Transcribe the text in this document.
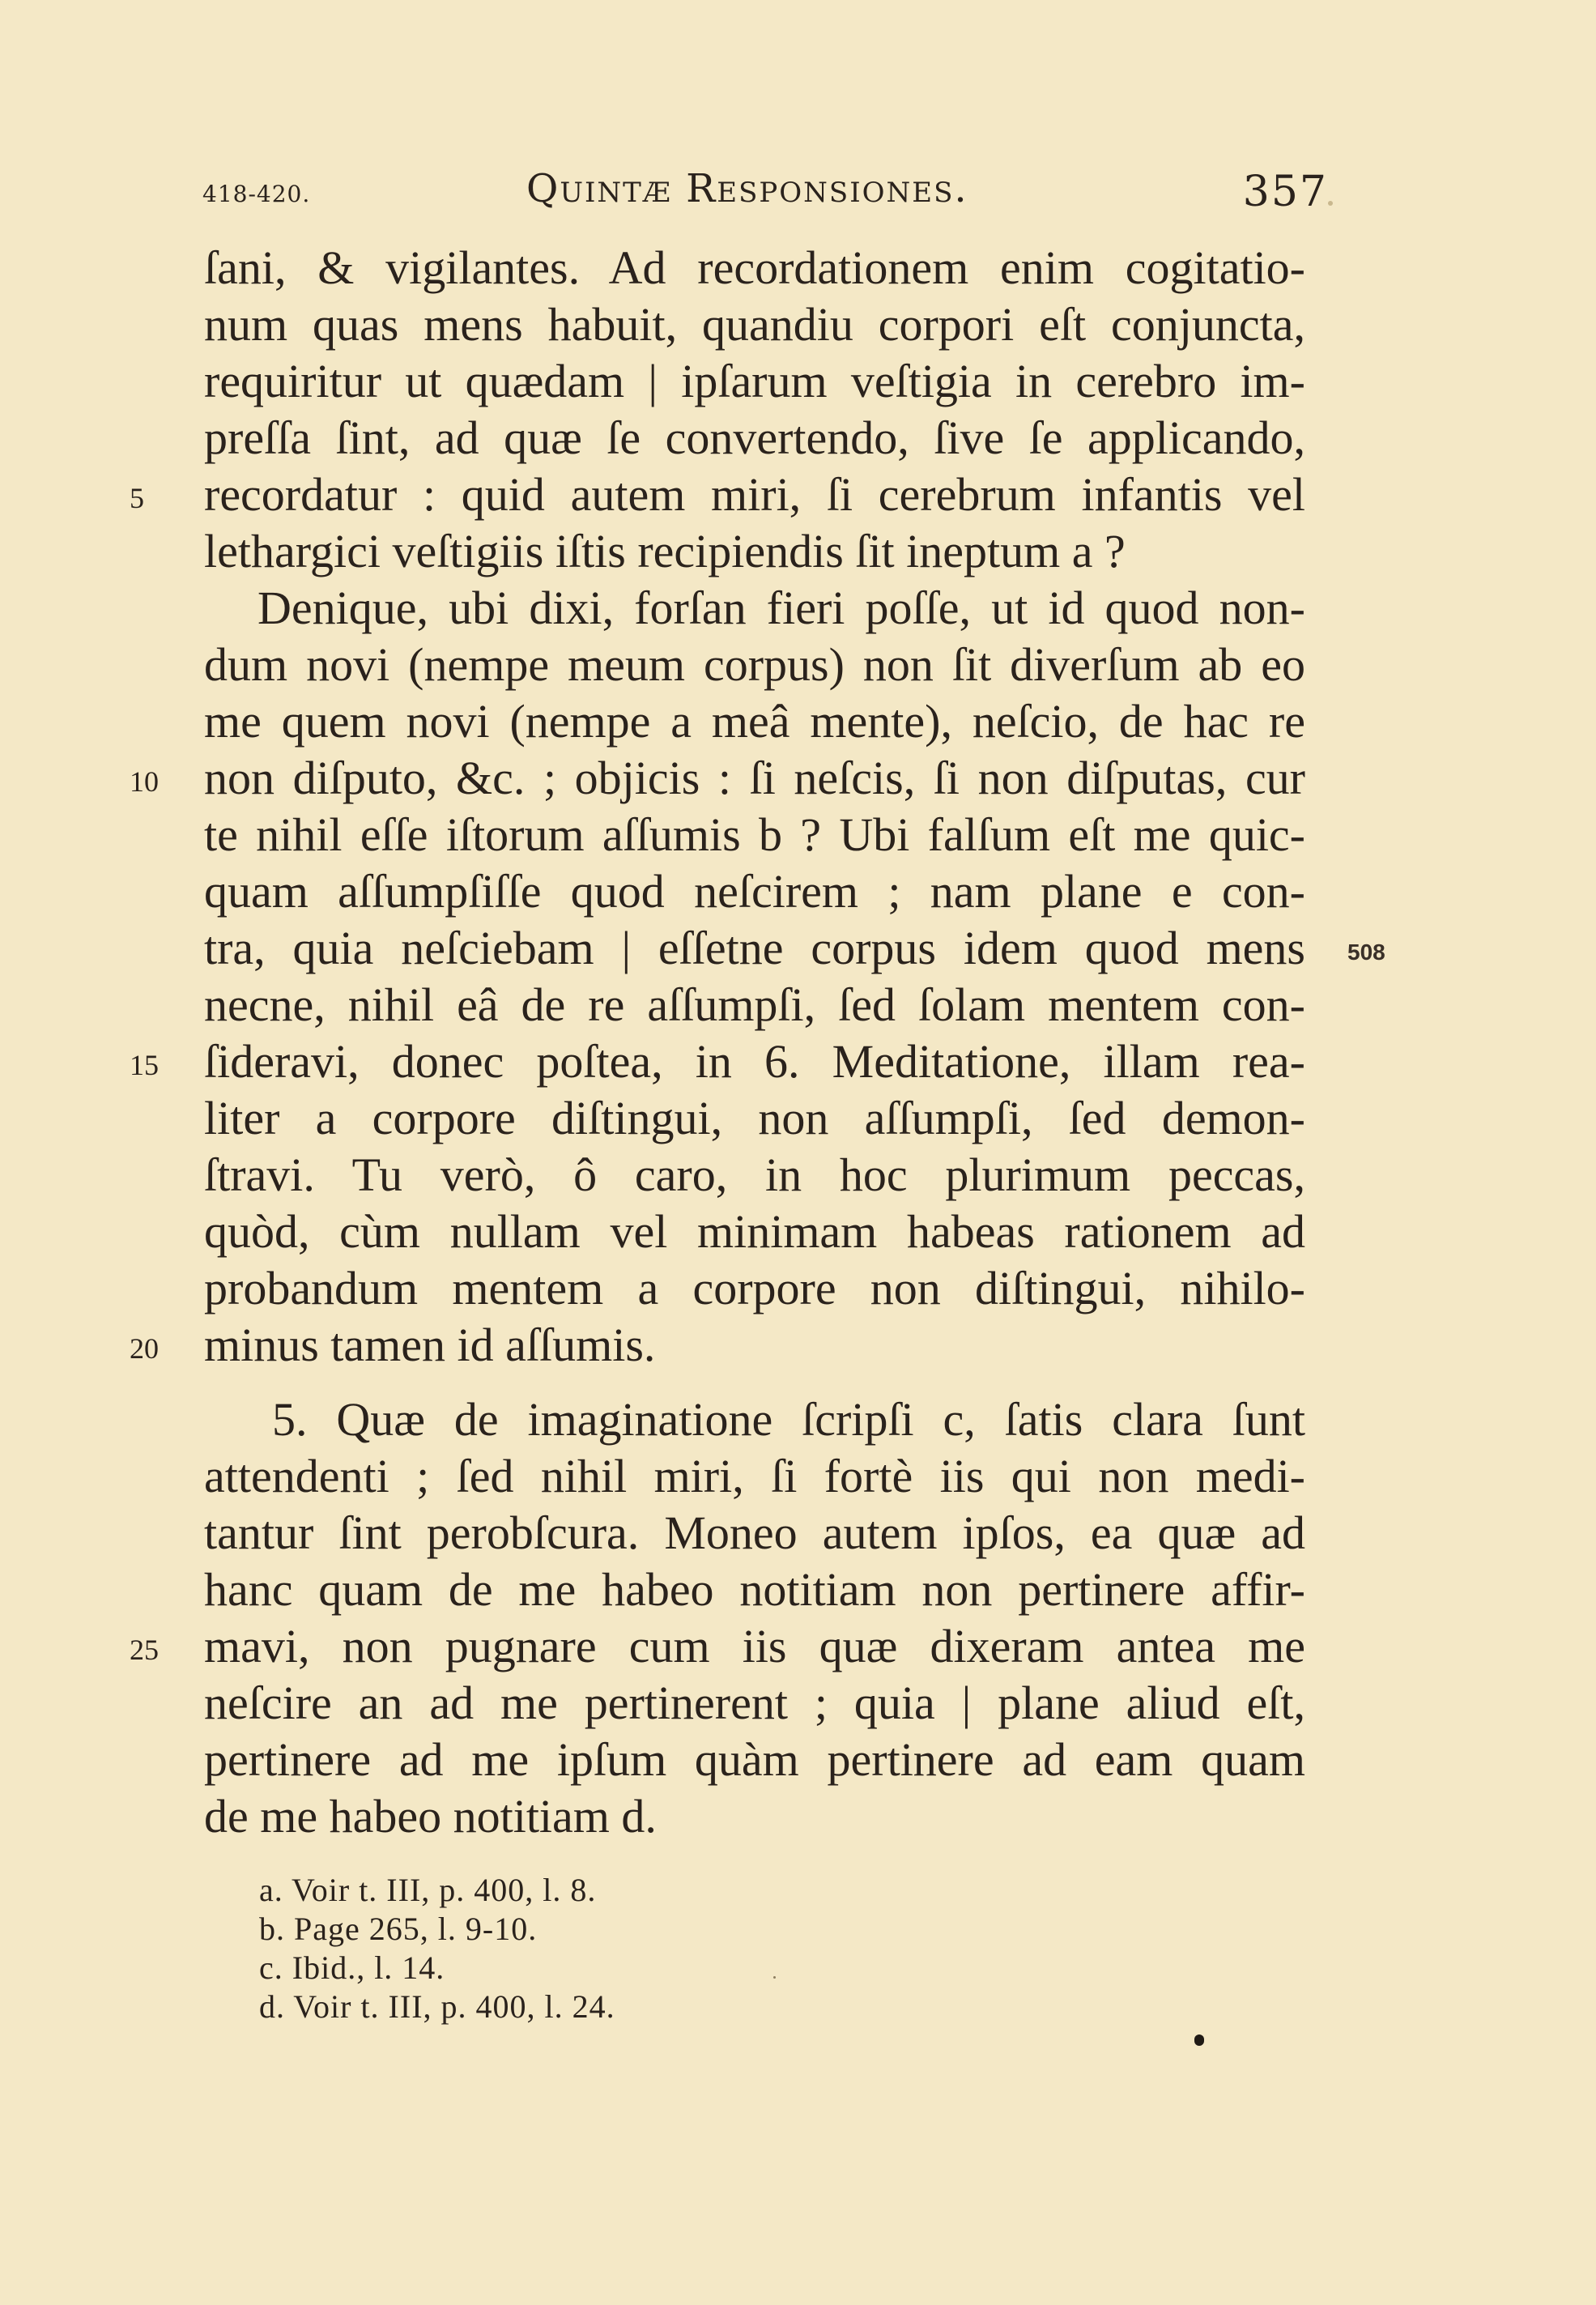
418-420.	Quintæ Responsiones.	357
ſani, & vigilantes. Ad recordationem enim cogitatio-
num quas mens habuit, quandiu corpori eſt conjuncta,
requiritur ut quædam | ipſarum veſtigia in cerebro im-
preſſa ſint, ad quæ ſe convertendo, ſive ſe applicando,
recordatur : quid autem miri, ſi cerebrum infantis vel
lethargici veſtigiis iſtis recipiendis ſit ineptum a ?
Denique, ubi dixi, forſan fieri poſſe, ut id quod non-
dum novi (nempe meum corpus) non ſit diverſum ab eo
me quem novi (nempe a meâ mente), neſcio, de hac re
non diſputo, &c. ; objicis : ſi neſcis, ſi non diſputas, cur
te nihil eſſe iſtorum aſſumis b ? Ubi falſum eſt me quic-
quam aſſumpſiſſe quod neſcirem ; nam plane e con-
tra, quia neſciebam | eſſetne corpus idem quod mens
necne, nihil eâ de re aſſumpſi, ſed ſolam mentem con-
ſideravi, donec poſtea, in 6. Meditatione, illam rea-
liter a corpore diſtingui, non aſſumpſi, ſed demon-
ſtravi. Tu verò, ô caro, in hoc plurimum peccas,
quòd, cùm nullam vel minimam habeas rationem ad
probandum mentem a corpore non diſtingui, nihilo-
minus tamen id aſſumis.
5. Quæ de imaginatione ſcripſi c, ſatis clara ſunt
attendenti ; ſed nihil miri, ſi fortè iis qui non medi-
tantur ſint perobſcura. Moneo autem ipſos, ea quæ ad
hanc quam de me habeo notitiam non pertinere affir-
mavi, non pugnare cum iis quæ dixeram antea me
neſcire an ad me pertinerent ; quia | plane aliud eſt,
pertinere ad me ipſum quàm pertinere ad eam quam
de me habeo notitiam d.
5
10
15
20
25
508
a. Voir t. III, p. 400, l. 8.
b. Page 265, l. 9-10.
c. Ibid., l. 14.
d. Voir t. III, p. 400, l. 24.
